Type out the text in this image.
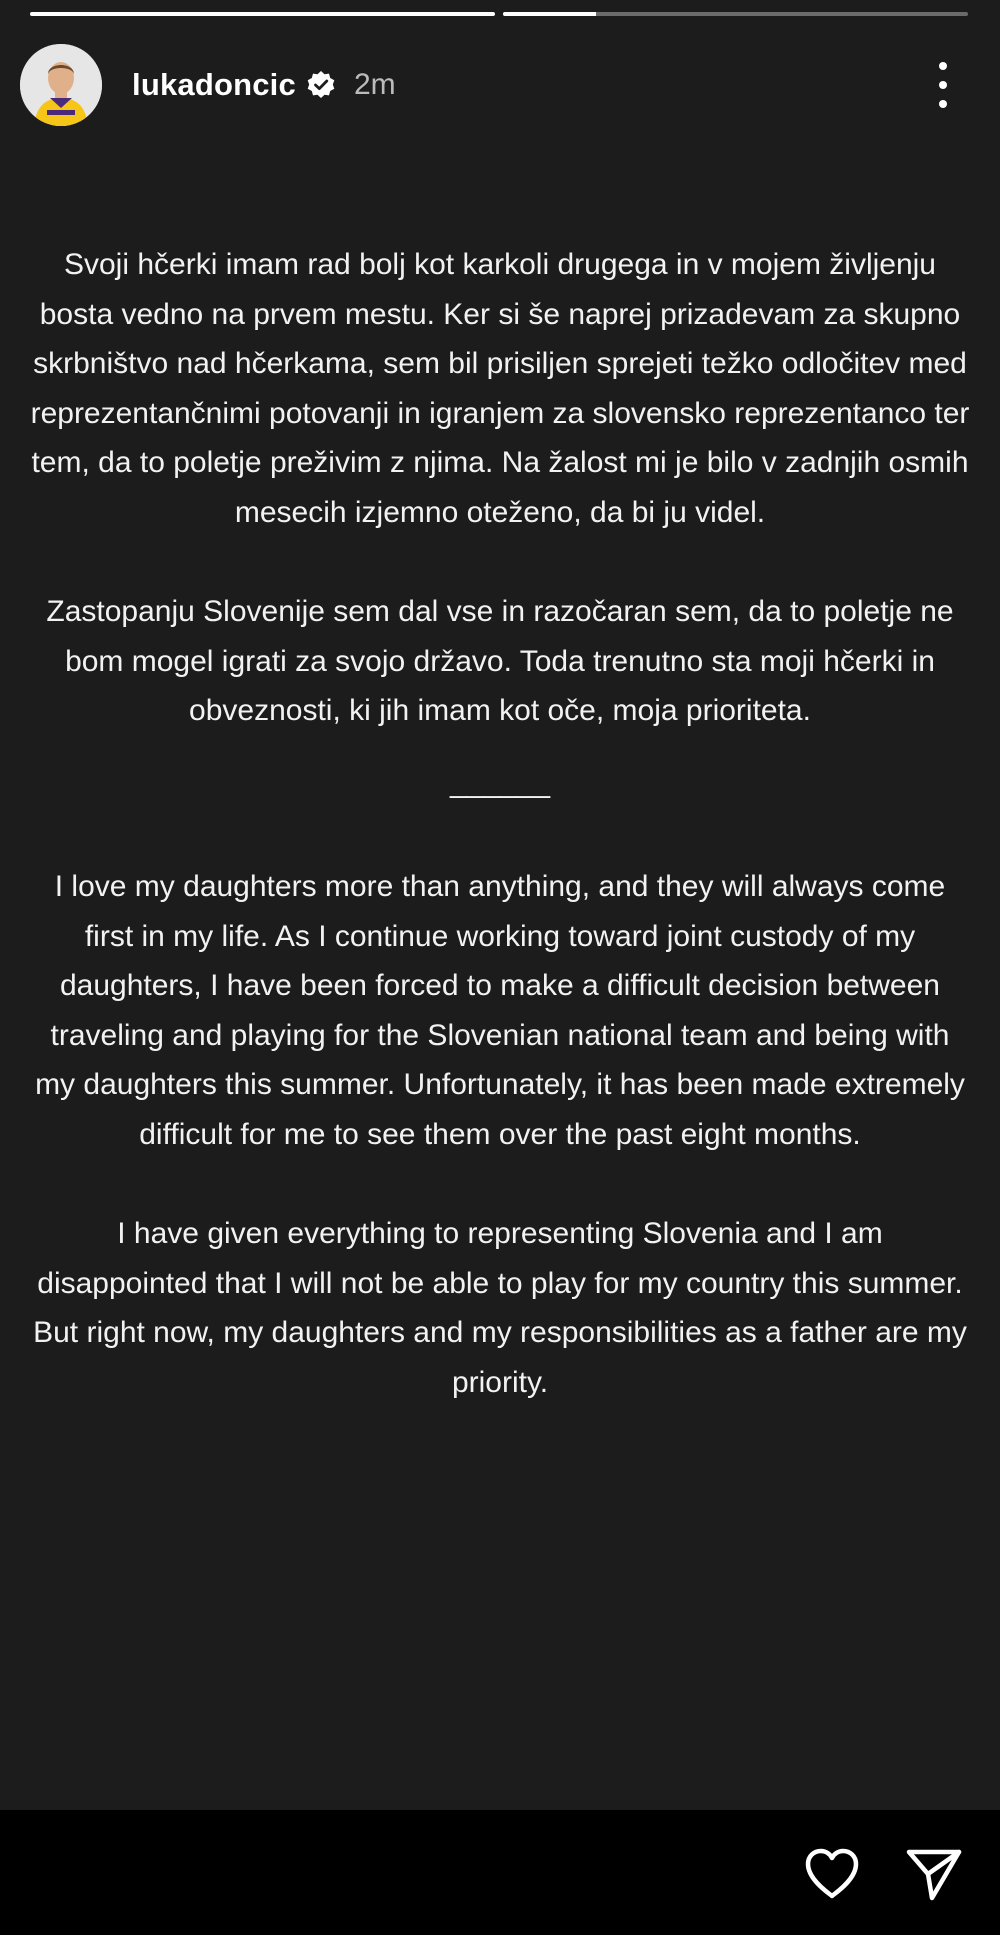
lukadoncic 2m

Svoji hčerki imam rad bolj kot karkoli drugega in v mojem življenju bosta vedno na prvem mestu. Ker si še naprej prizadevam za skupno skrbništvo nad hčerkama, sem bil prisiljen sprejeti težko odločitev med reprezentančnimi potovanji in igranjem za slovensko reprezentanco ter tem, da to poletje preživim z njima. Na žalost mi je bilo v zadnjih osmih mesecih izjemno oteženo, da bi ju videl.

Zastopanju Slovenije sem dal vse in razočaran sem, da to poletje ne bom mogel igrati za svojo državo. Toda trenutno sta moji hčerki in obveznosti, ki jih imam kot oče, moja prioriteta.

______

I love my daughters more than anything, and they will always come first in my life. As I continue working toward joint custody of my daughters, I have been forced to make a difficult decision between traveling and playing for the Slovenian national team and being with my daughters this summer. Unfortunately, it has been made extremely difficult for me to see them over the past eight months.

I have given everything to representing Slovenia and I am disappointed that I will not be able to play for my country this summer. But right now, my daughters and my responsibilities as a father are my priority.
